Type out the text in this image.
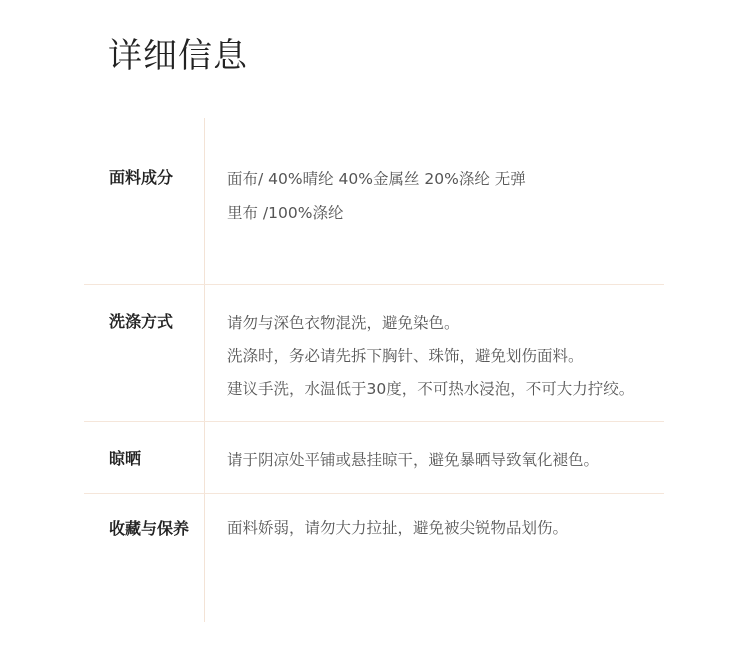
详细信息
面料成分	面布/ 40%晴纶 40%金属丝 20%涤纶 无弹
里布 /100%涤纶
洗涤方式	请勿与深色衣物混洗，避免染色。
洗涤时，务必请先拆下胸针、珠饰，避免划伤面料。
建议手洗，水温低于30度，不可热水浸泡，不可大力拧绞。
晾晒	请于阴凉处平铺或悬挂晾干，避免暴晒导致氧化褪色。
收藏与保养 面料娇弱，请勿大力拉扯，避免被尖锐物品划伤。
